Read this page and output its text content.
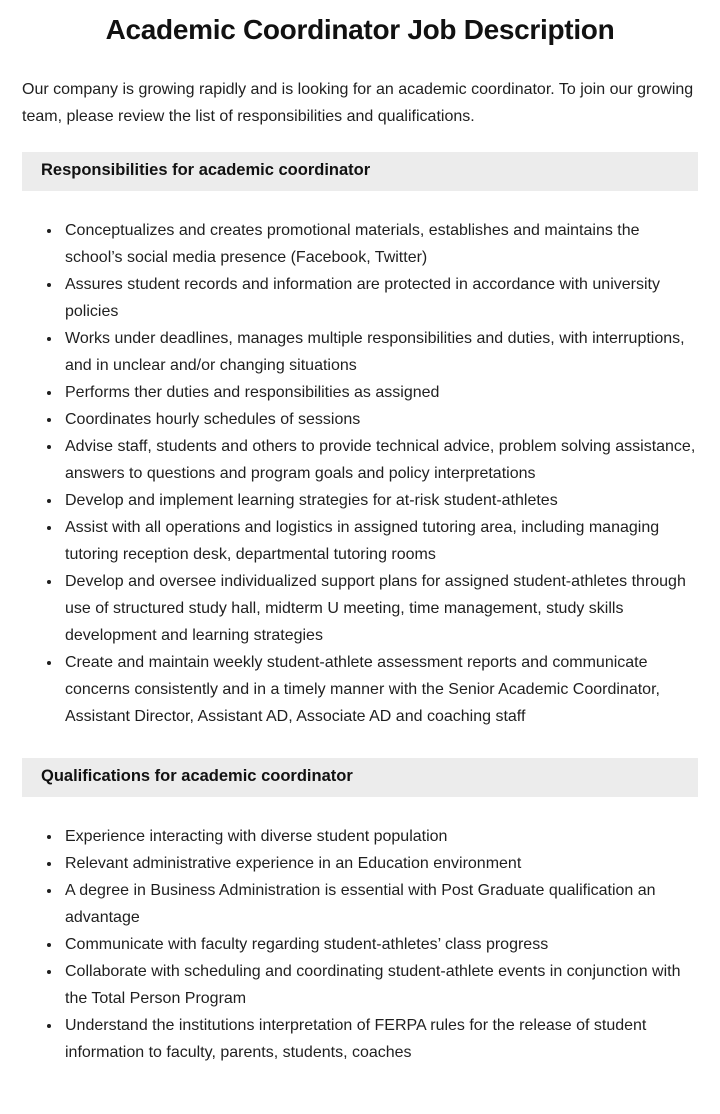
Academic Coordinator Job Description

Our company is growing rapidly and is looking for an academic coordinator. To join our growing team, please review the list of responsibilities and qualifications.

Responsibilities for academic coordinator
• Conceptualizes and creates promotional materials, establishes and maintains the school’s social media presence (Facebook, Twitter)
• Assures student records and information are protected in accordance with university policies
• Works under deadlines, manages multiple responsibilities and duties, with interruptions, and in unclear and/or changing situations
• Performs ther duties and responsibilities as assigned
• Coordinates hourly schedules of sessions
• Advise staff, students and others to provide technical advice, problem solving assistance, answers to questions and program goals and policy interpretations
• Develop and implement learning strategies for at-risk student-athletes
• Assist with all operations and logistics in assigned tutoring area, including managing tutoring reception desk, departmental tutoring rooms
• Develop and oversee individualized support plans for assigned student-athletes through use of structured study hall, midterm U meeting, time management, study skills development and learning strategies
• Create and maintain weekly student-athlete assessment reports and communicate concerns consistently and in a timely manner with the Senior Academic Coordinator, Assistant Director, Assistant AD, Associate AD and coaching staff
Qualifications for academic coordinator
• Experience interacting with diverse student population
• Relevant administrative experience in an Education environment
• A degree in Business Administration is essential with Post Graduate qualification an advantage
• Communicate with faculty regarding student-athletes’ class progress
• Collaborate with scheduling and coordinating student-athlete events in conjunction with the Total Person Program
• Understand the institutions interpretation of FERPA rules for the release of student information to faculty, parents, students, coaches
